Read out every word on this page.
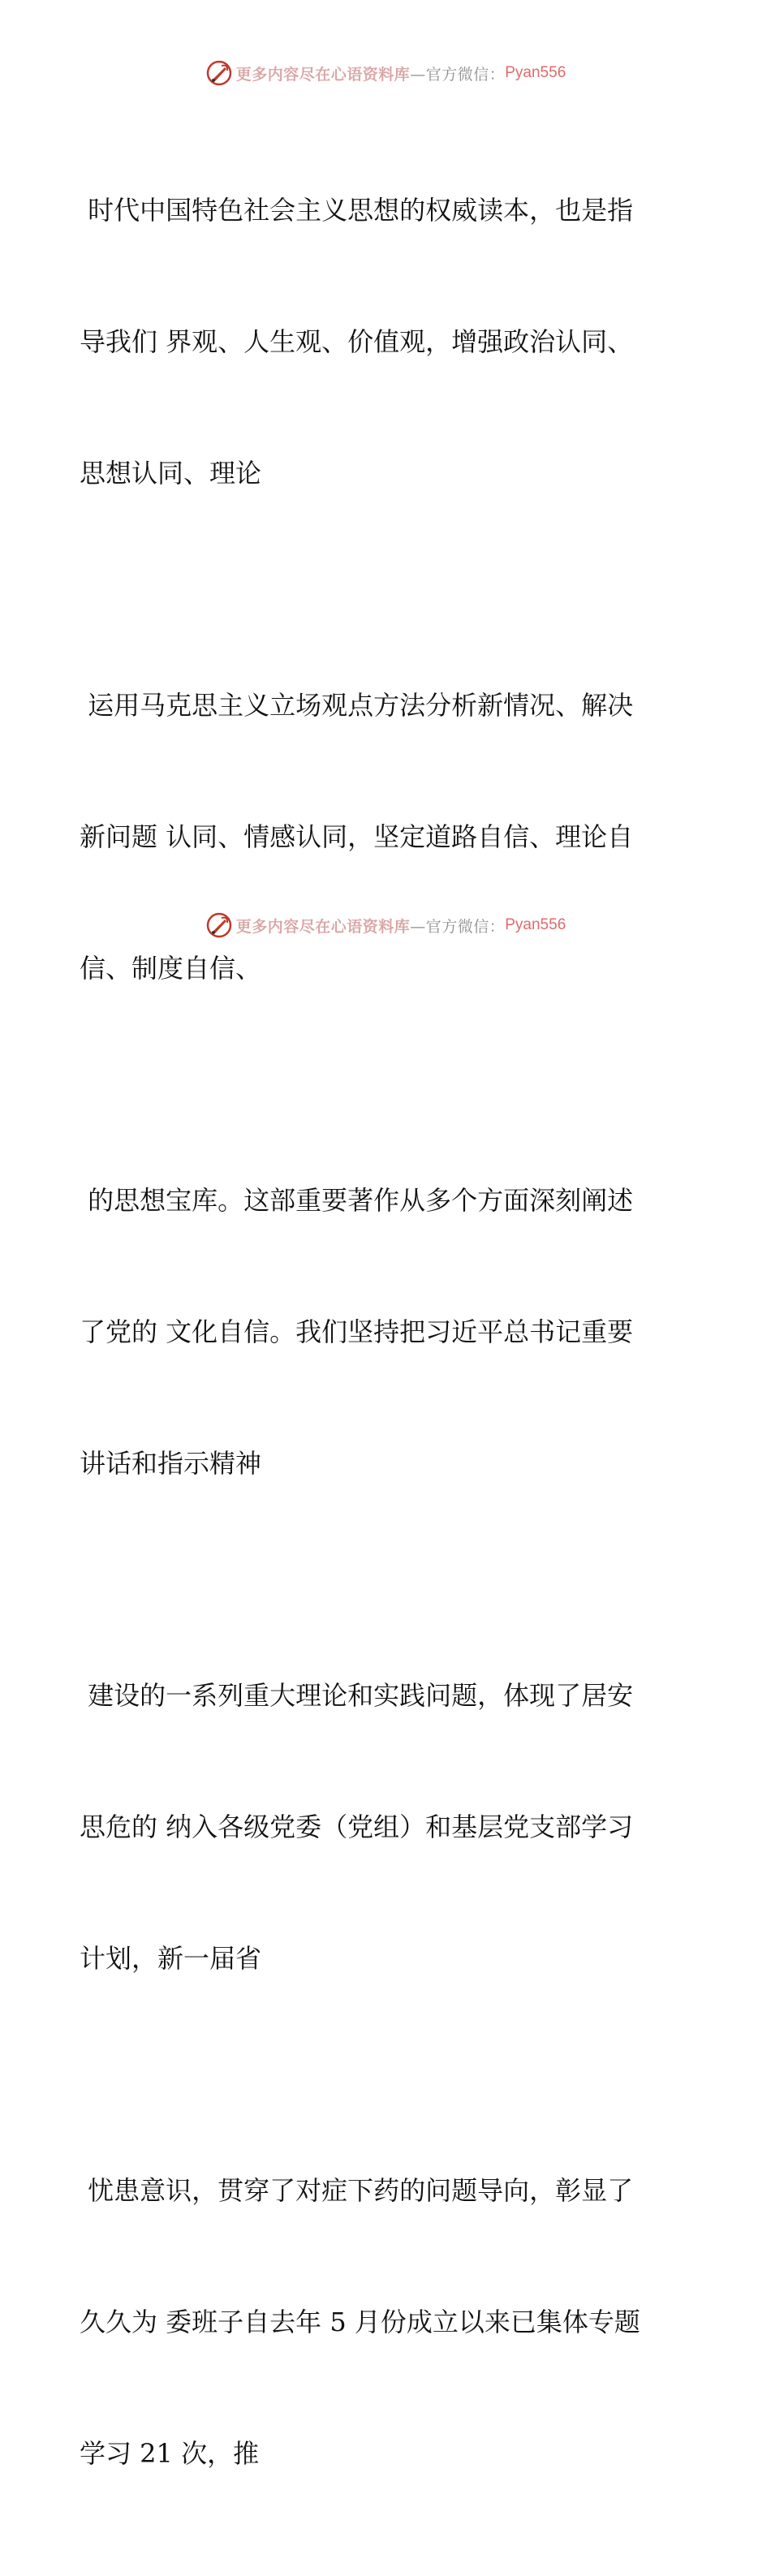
更多内容尽在心语资料库 —官方微信： Pyan556

时代中国特色社会主义思想的权威读本，也是指

导我们 界观、人生观、价值观，增强政治认同、

思想认同、理论

运用马克思主义立场观点方法分析新情况、解决

新问题 认同、情感认同，坚定道路自信、理论自

信、制度自信、

的思想宝库。这部重要著作从多个方面深刻阐述

了党的 文化自信。我们坚持把习近平总书记重要

讲话和指示精神

建设的一系列重大理论和实践问题，体现了居安

思危的 纳入各级党委（党组）和基层党支部学习

计划，新一届省

忧患意识，贯穿了对症下药的问题导向，彰显了

久久为 委班子自去年 5 月份成立以来已集体专题

学习 21 次，推

更多内容尽在心语资料库 —官方微信： Pyan556
